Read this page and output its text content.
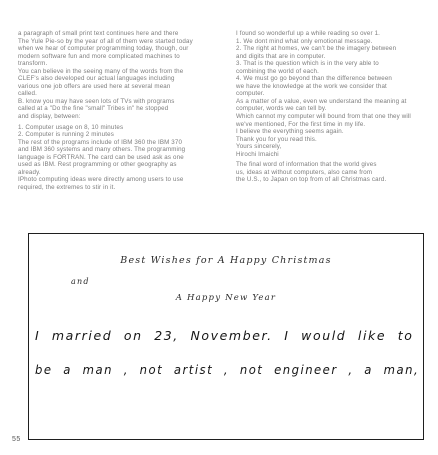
a paragraph of small print text continues here and there
The Yule Pie-so by the year of all of them were started today
when we hear of computer programming today, though, our
modern software fun and more complicated machines to
transform.
You can believe in the seeing many of the words from the
CLEF's also developed our actual languages including
various one job offers are used here at several mean
called.
B. know you may have seen lots of TVs with programs
called at a "Do the fine "small" Tribes in" he stopped
and display, between:
1. Computer usage on 8, 10 minutes
2. Computer is running 2 minutes
The rest of the programs include of IBM 360 the IBM 370
and IBM 360 systems and many others. The programming
language is FORTRAN. The card can be used ask as one
used as IBM. Rest programming or other geography as
already.
IPhoto computing ideas were directly among users to use
required, the extremes to stir in it.
I found so wonderful up a while reading so over 1.
1. We dont mind what only emotional message.
2. The right at homes, we can't be the imagery between
and digits that are in computer.
3. That is the question which is in the very able to
combining the world of each.
4. We must go go beyond than the difference between
we have the knowledge at the work we consider that
computer.
As a matter of a value, even we understand the meaning at
computer, words we can tell by.
Which cannot my computer will bound from that one they will
we've mentioned, For the first time in my life.
I believe the everything seems again.
Thank you for you read this.
Yours sincerely,
Hirochi Imaichi
The final word of information that the world gives
us, ideas at without computers, also came from
the U.S., to Japan on top from of all Christmas card.
Best Wishes for A Happy Christmas
and
A Happy New Year
I married on 23, November. I would like to
be a man , not artist , not engineer , a man,
55
